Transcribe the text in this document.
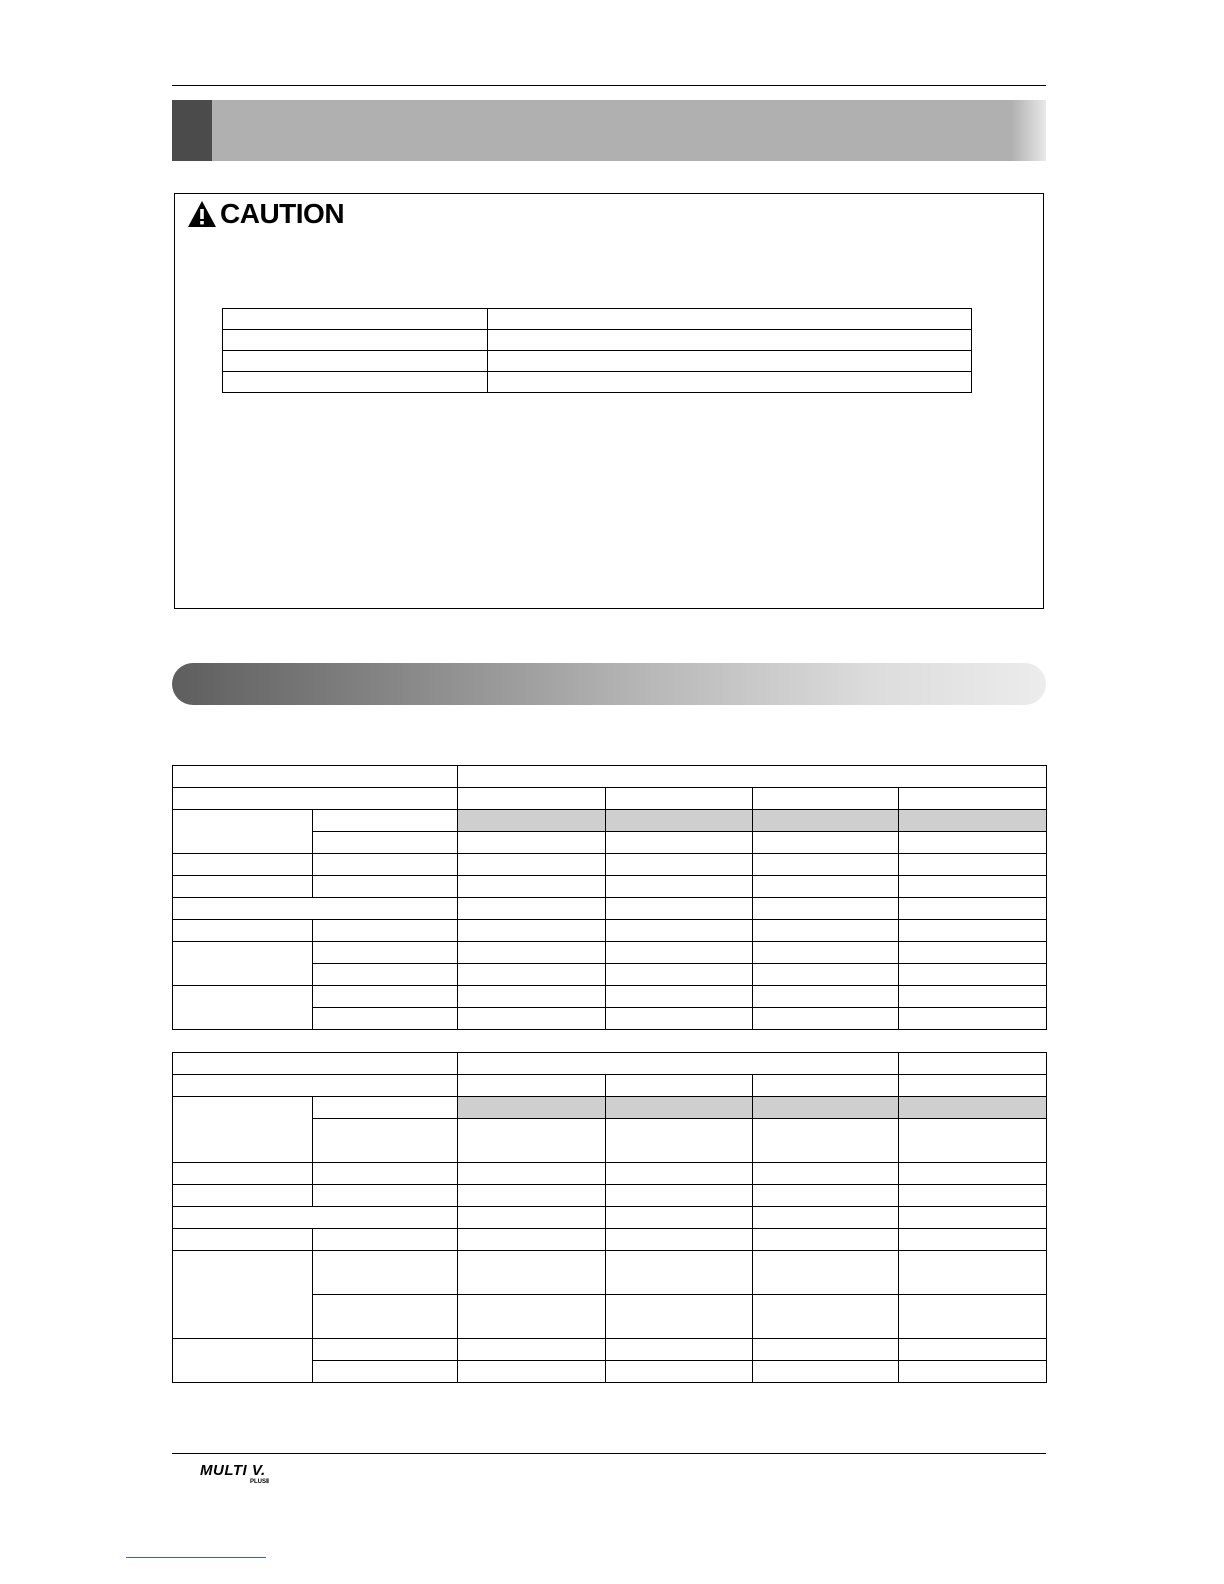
CAUTION

MULTI V.
PLUSⅡ
